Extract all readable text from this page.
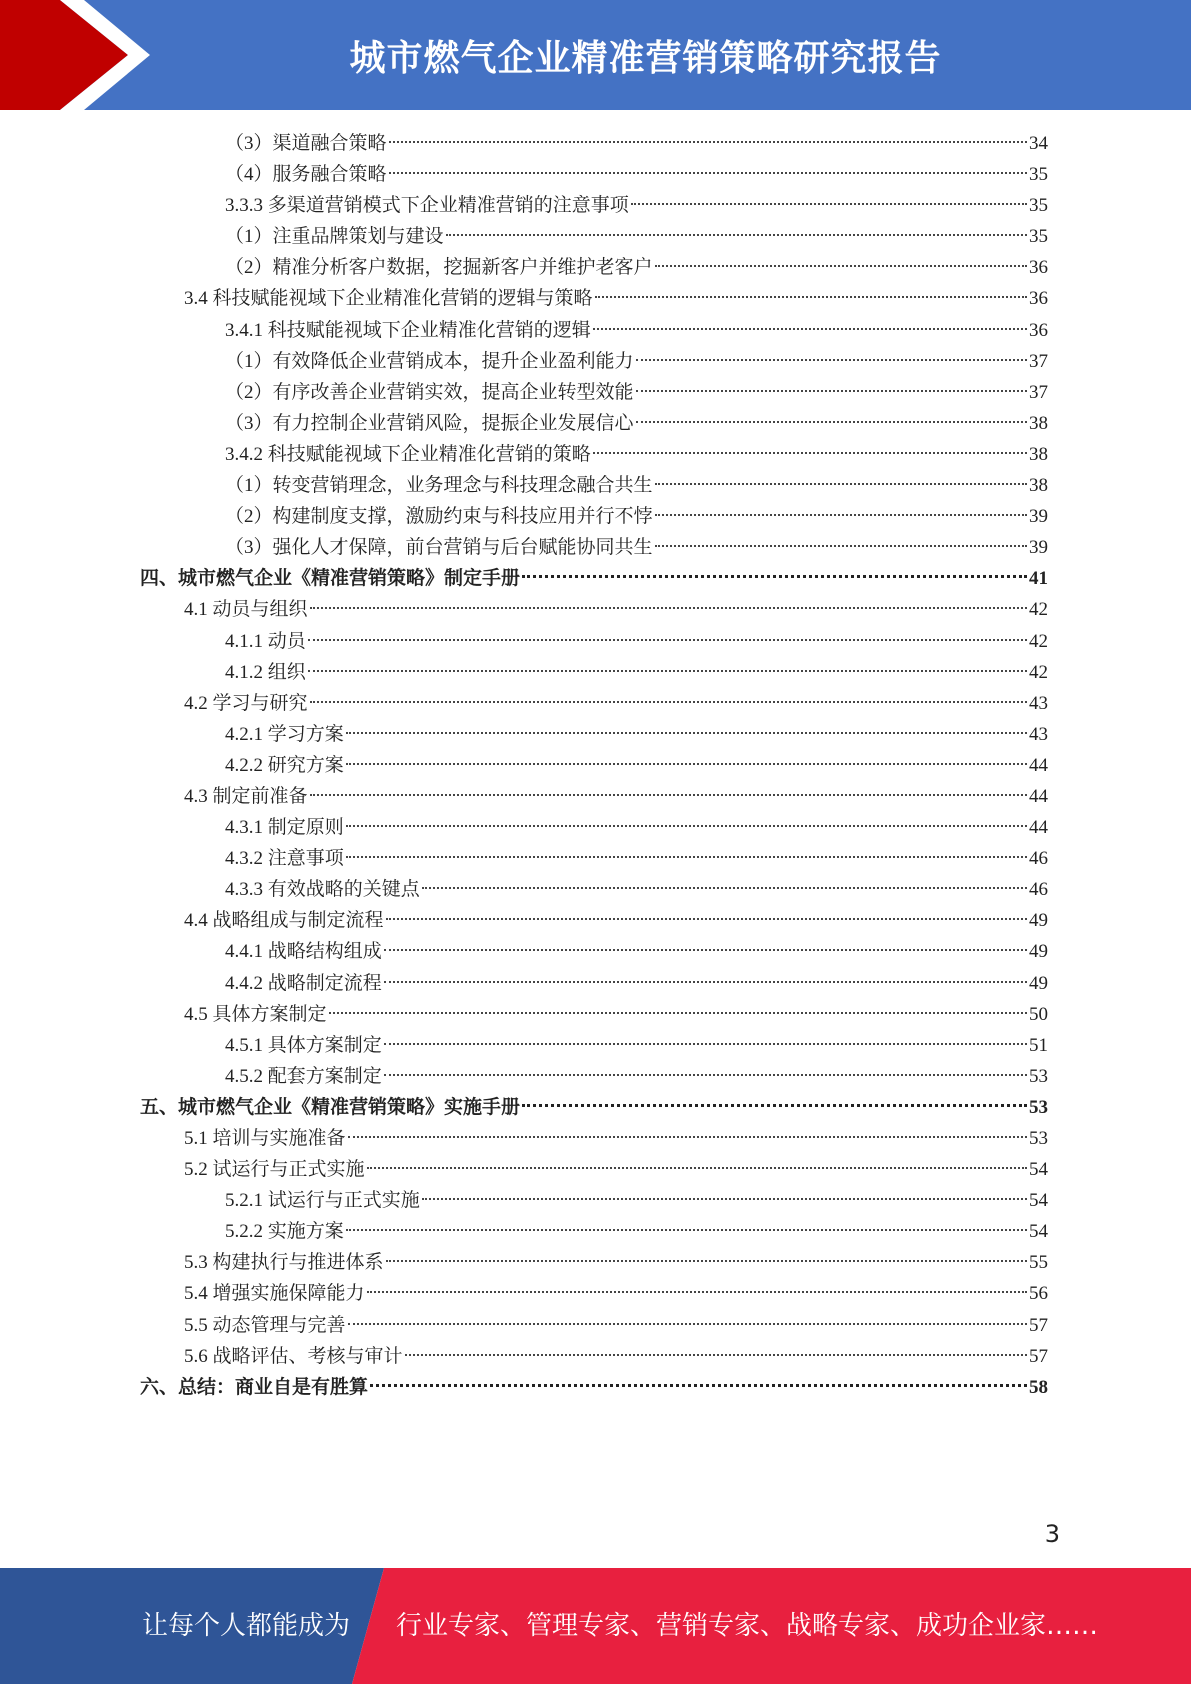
城市燃气企业精准营销策略研究报告
（3）渠道融合策略	34
（4）服务融合策略	35
3.3.3 多渠道营销模式下企业精准营销的注意事项	35
（1）注重品牌策划与建设	35
（2）精准分析客户数据，挖掘新客户并维护老客户	36
3.4 科技赋能视域下企业精准化营销的逻辑与策略	36
3.4.1 科技赋能视域下企业精准化营销的逻辑	36
（1）有效降低企业营销成本，提升企业盈利能力	37
（2）有序改善企业营销实效，提高企业转型效能	37
（3）有力控制企业营销风险，提振企业发展信心	38
3.4.2 科技赋能视域下企业精准化营销的策略	38
（1）转变营销理念，业务理念与科技理念融合共生	38
（2）构建制度支撑，激励约束与科技应用并行不悖	39
（3）强化人才保障，前台营销与后台赋能协同共生	39
四、城市燃气企业《精准营销策略》制定手册	41
4.1 动员与组织	42
4.1.1 动员	42
4.1.2 组织	42
4.2 学习与研究	43
4.2.1 学习方案	43
4.2.2 研究方案	44
4.3 制定前准备	44
4.3.1 制定原则	44
4.3.2 注意事项	46
4.3.3 有效战略的关键点	46
4.4 战略组成与制定流程	49
4.4.1 战略结构组成	49
4.4.2 战略制定流程	49
4.5 具体方案制定	50
4.5.1 具体方案制定	51
4.5.2 配套方案制定	53
五、城市燃气企业《精准营销策略》实施手册	53
5.1 培训与实施准备	53
5.2 试运行与正式实施	54
5.2.1 试运行与正式实施	54
5.2.2 实施方案	54
5.3 构建执行与推进体系	55
5.4 增强实施保障能力	56
5.5 动态管理与完善	57
5.6 战略评估、考核与审计	57
六、总结：商业自是有胜算	58
3
让每个人都能成为 行业专家、管理专家、营销专家、战略专家、成功企业家……
